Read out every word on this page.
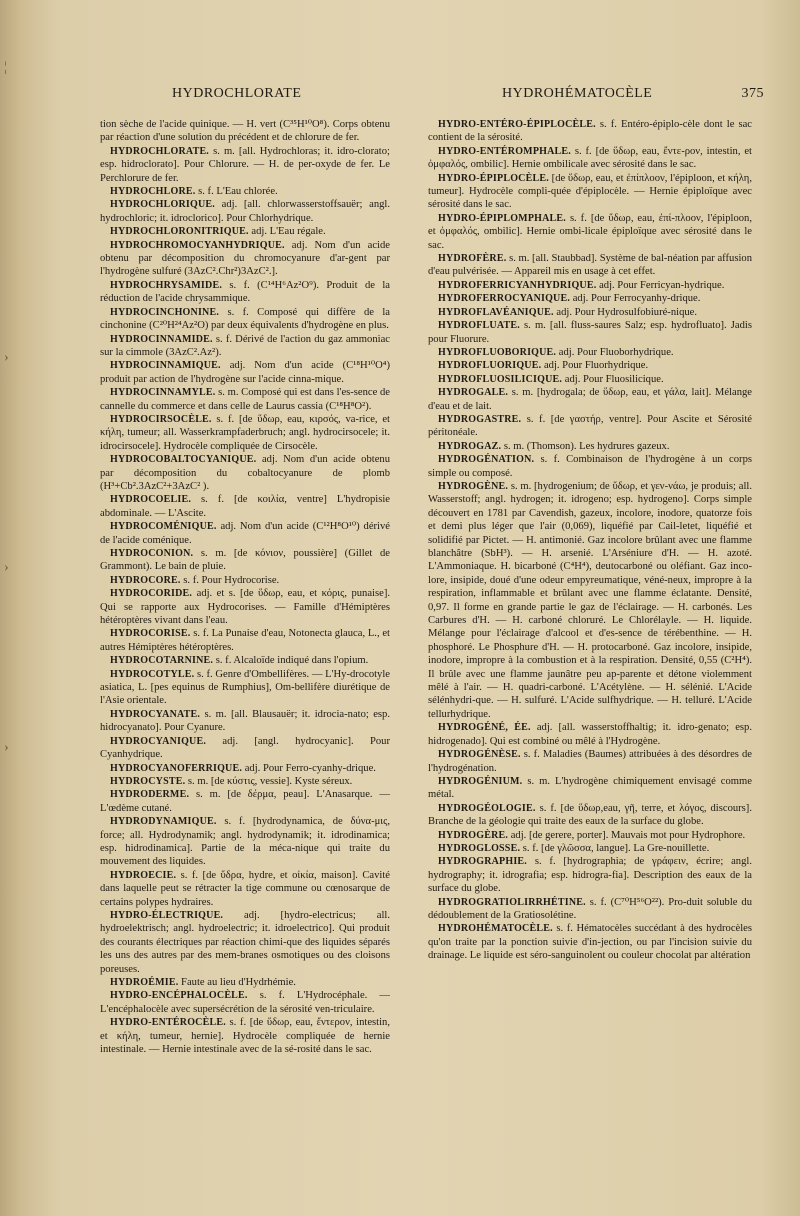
¦
›
›
›
HYDROCHLORATE	HYDROHÉMATOCÈLE	375

tion sèche de l'acide quinique. — H. vert (C³⁵H¹⁰O⁸). Corps obtenu par réaction d'une solution du précédent et de chlorure de fer.

HYDROCHLORATE. s. m. [all. Hydrochloras; it. idro-clorato; esp. hidroclorato]. Pour Chlorure. — H. de per-oxyde de fer. Le Perchlorure de fer.

HYDROCHLORE. s. f. L'Eau chlorée.

HYDROCHLORIQUE. adj. [all. chlorwasserstoffsauër; angl. hydrochloric; it. idroclorico]. Pour Chlorhydrique.

HYDROCHLORONITRIQUE. adj. L'Eau régale.

HYDROCHROMOCYANHYDRIQUE. adj. Nom d'un acide obtenu par décomposition du chromocyanure d'ar-gent par l'hydrogène sulfuré (3AzC².Chr²)3AzC².].

HYDROCHRYSAMIDE. s. f. (C¹⁴H⁶Az²O⁹). Produit de la réduction de l'acide chrysammique.

HYDROCINCHONINE. s. f. Composé qui diffère de la cinchonine (C²⁰H²⁴Az²O) par deux équivalents d'hydrogène en plus.

HYDROCINNAMIDE. s. f. Dérivé de l'action du gaz ammoniac sur la cimmole (3AzC².Az²).

HYDROCINNAMIQUE. adj. Nom d'un acide (C¹⁸H¹⁰O⁴) produit par action de l'hydrogène sur l'acide cinna-mique.

HYDROCINNAMYLE. s. m. Composé qui est dans l'es-sence de cannelle du commerce et dans celle de Laurus cassia (C¹⁸H⁸O²).

HYDROCIRSOCÈLE. s. f. [de ὕδωρ, eau, κιρσός, va-rice, et κήλη, tumeur; all. Wasserkrampfaderbruch; angl. hydrocirsocele; it. idrocirsocele]. Hydrocèle compliquée de Cirsocèle.

HYDROCOBALTOCYANIQUE. adj. Nom d'un acide obtenu par décomposition du cobaltocyanure de plomb (H³+Cb².3AzC²+3AzC² ).

HYDROCOELIE. s. f. [de κοιλία, ventre] L'hydropisie abdominale. — L'Ascite.

HYDROCOMÉNIQUE. adj. Nom d'un acide (C¹²H⁸O¹⁰) dérivé de l'acide coménique.

HYDROCONION. s. m. [de κόνιον, poussière] (Gillet de Grammont). Le bain de pluie.

HYDROCORE. s. f. Pour Hydrocorise.

HYDROCORIDE. adj. et s. [de ὕδωρ, eau, et κόρις, punaise]. Qui se rapporte aux Hydrocorises. — Famille d'Hémiptères hétéroptères vivant dans l'eau.

HYDROCORISE. s. f. La Punaise d'eau, Notonecta glauca, L., et autres Hémiptères hétéroptères.

HYDROCOTARNINE. s. f. Alcaloïde indiqué dans l'opium.

HYDROCOTYLE. s. f. Genre d'Ombellifères. — L'Hy-drocotyle asiatica, L. [pes equinus de Rumphius], Om-bellifère diurétique de l'Asie orientale.

HYDROCYANATE. s. m. [all. Blausauër; it. idrocia-nato; esp. hidrocyanato]. Pour Cyanure.

HYDROCYANIQUE. adj. [angl. hydrocyanic]. Pour Cyanhydrique.

HYDROCYANOFERRIQUE. adj. Pour Ferro-cyanhy-drique.

HYDROCYSTE. s. m. [de κύστις, vessie]. Kyste séreux.

HYDRODERME. s. m. [de δέρμα, peau]. L'Anasarque. — L'œdème cutané.

HYDRODYNAMIQUE. s. f. [hydrodynamica, de δύνα-μις, force; all. Hydrodynamik; angl. hydrodynamik; it. idrodinamica; esp. hidrodinamica]. Partie de la méca-nique qui traite du mouvement des liquides.

HYDROECIE. s. f. [de ὕδρα, hydre, et οἰκία, maison]. Cavité dans laquelle peut se rétracter la tige commune ou cœnosarque de certains polypes hydraires.

HYDRO-ÉLECTRIQUE. adj. [hydro-electricus; all. hydroelektrisch; angl. hydroelectric; it. idroelectrico]. Qui produit des courants électriques par réaction chimi-que des liquides séparés les uns des autres par des mem-branes osmotiques ou des cloisons poreuses.

HYDROÉMIE. Faute au lieu d'Hydrhémie.

HYDRO-ENCÉPHALOCÈLE. s. f. L'Hydrocéphale. — L'encéphalocèle avec supersécrétion de la sérosité ven-triculaire.

HYDRO-ENTÉROCÈLE. s. f. [de ὕδωρ, eau, ἔντερον, intestin, et κήλη, tumeur, hernie]. Hydrocèle compliquée de hernie intestinale. — Hernie intestinale avec de la sé-rosité dans le sac.

HYDRO-ENTÉRO-ÉPIPLOCÈLE. s. f. Entéro-épiplo-cèle dont le sac contient de la sérosité.

HYDRO-ENTÉROMPHALE. s. f. [de ὕδωρ, eau, ἔντε-ρον, intestin, et ὀμφαλός, ombilic]. Hernie ombilicale avec sérosité dans le sac.

HYDRO-ÉPIPLOCÈLE. [de ὕδωρ, eau, et ἐπίπλοον, l'épiploon, et κήλη, tumeur]. Hydrocèle compli-quée d'épiplocèle. — Hernie épiploïque avec sérosité dans le sac.

HYDRO-ÉPIPLOMPHALE. s. f. [de ὕδωρ, eau, ἐπί-πλοον, l'épiploon, et ὀμφαλός, ombilic]. Hernie ombi-licale épiploïque avec sérosité dans le sac.

HYDROFÈRE. s. m. [all. Staubbad]. Système de bal-néation par affusion d'eau pulvérisée. — Appareil mis en usage à cet effet.

HYDROFERRICYANHYDRIQUE. adj. Pour Ferricyan-hydrique.

HYDROFERROCYANIQUE. adj. Pour Ferrocyanhy-drique.

HYDROFLAVÉANIQUE. adj. Pour Hydrosulfobiuré-nique.

HYDROFLUATE. s. m. [all. fluss-saures Salz; esp. hydrofluato]. Jadis pour Fluorure.

HYDROFLUOBORIQUE. adj. Pour Fluoborhydrique.

HYDROFLUORIQUE. adj. Pour Fluorhydrique.

HYDROFLUOSILICIQUE. adj. Pour Fluosilicique.

HYDROGALE. s. m. [hydrogala; de ὕδωρ, eau, et γάλα, lait]. Mélange d'eau et de lait.

HYDROGASTRE. s. f. [de γαστήρ, ventre]. Pour Ascite et Sérosité péritonéale.

HYDROGAZ. s. m. (Thomson). Les hydrures gazeux.

HYDROGÉNATION. s. f. Combinaison de l'hydrogène à un corps simple ou composé.

HYDROGÈNE. s. m. [hydrogenium; de ὕδωρ, et γεν-νάω, je produis; all. Wasserstoff; angl. hydrogen; it. idrogeno; esp. hydrogeno]. Corps simple découvert en 1781 par Cavendish, gazeux, incolore, inodore, quatorze fois et demi plus léger que l'air (0,069), liquéfié par Cail-letet, liquéfié et solidifié par Pictet. — H. antimonié. Gaz incolore brûlant avec une flamme blanchâtre (SbH³). — H. arsenié. L'Arséniure d'H. — H. azoté. L'Ammoniaque. H. bicarboné (C⁴H⁴), deutocarboné ou oléfiant. Gaz inco-lore, insipide, doué d'une odeur empyreumatique, véné-neux, impropre à la respiration, inflammable et brûlant avec une flamme éclatante. Densité, 0,97. Il forme en grande partie le gaz de l'éclairage. — H. carbonés. Les Carbures d'H. — H. carboné chloruré. Le Chlorélayle. — H. liquide. Mélange pour l'éclairage d'alcool et d'es-sence de térébenthine. — H. phosphoré. Le Phosphure d'H. — H. protocarboné. Gaz incolore, insipide, inodore, impropre à la combustion et à la respiration. Densité, 0,55 (C²H⁴). Il brûle avec une flamme jaunâtre peu ap-parente et détone violemment mêlé à l'air. — H. quadri-carboné. L'Acétylène. — H. sélénié. L'Acide sélénhydri-que. — H. sulfuré. L'Acide sulfhydrique. — H. telluré. L'Acide tellurhydrique.

HYDROGÉNÉ, ÉE. adj. [all. wasserstoffhaltig; it. idro-genato; esp. hidrogenado]. Qui est combiné ou mêlé à l'Hydrogène.

HYDROGÉNÈSE. s. f. Maladies (Baumes) attribuées à des désordres de l'hydrogénation.

HYDROGÉNIUM. s. m. L'hydrogène chimiquement envisagé comme métal.

HYDROGÉOLOGIE. s. f. [de ὕδωρ,eau, γῆ, terre, et λόγος, discours]. Branche de la géologie qui traite des eaux de la surface du globe.

HYDROGÈRE. adj. [de gerere, porter]. Mauvais mot pour Hydrophore.

HYDROGLOSSE. s. f. [de γλῶσσα, langue]. La Gre-nouillette.

HYDROGRAPHIE. s. f. [hydrographia; de γράφειν, écrire; angl. hydrography; it. idrografia; esp. hidrogra-fia]. Description des eaux de la surface du globe.

HYDROGRATIOLIRRHÉTINE. s. f. (C⁷⁰H⁵⁶O²²). Pro-duit soluble du dédoublement de la Gratiosolétine.

HYDROHÉMATOCÈLE. s. f. Hématocèles succédant à des hydrocèles qu'on traite par la ponction suivie d'in-jection, ou par l'incision suivie du drainage. Le liquide est séro-sanguinolent ou couleur chocolat par altération
